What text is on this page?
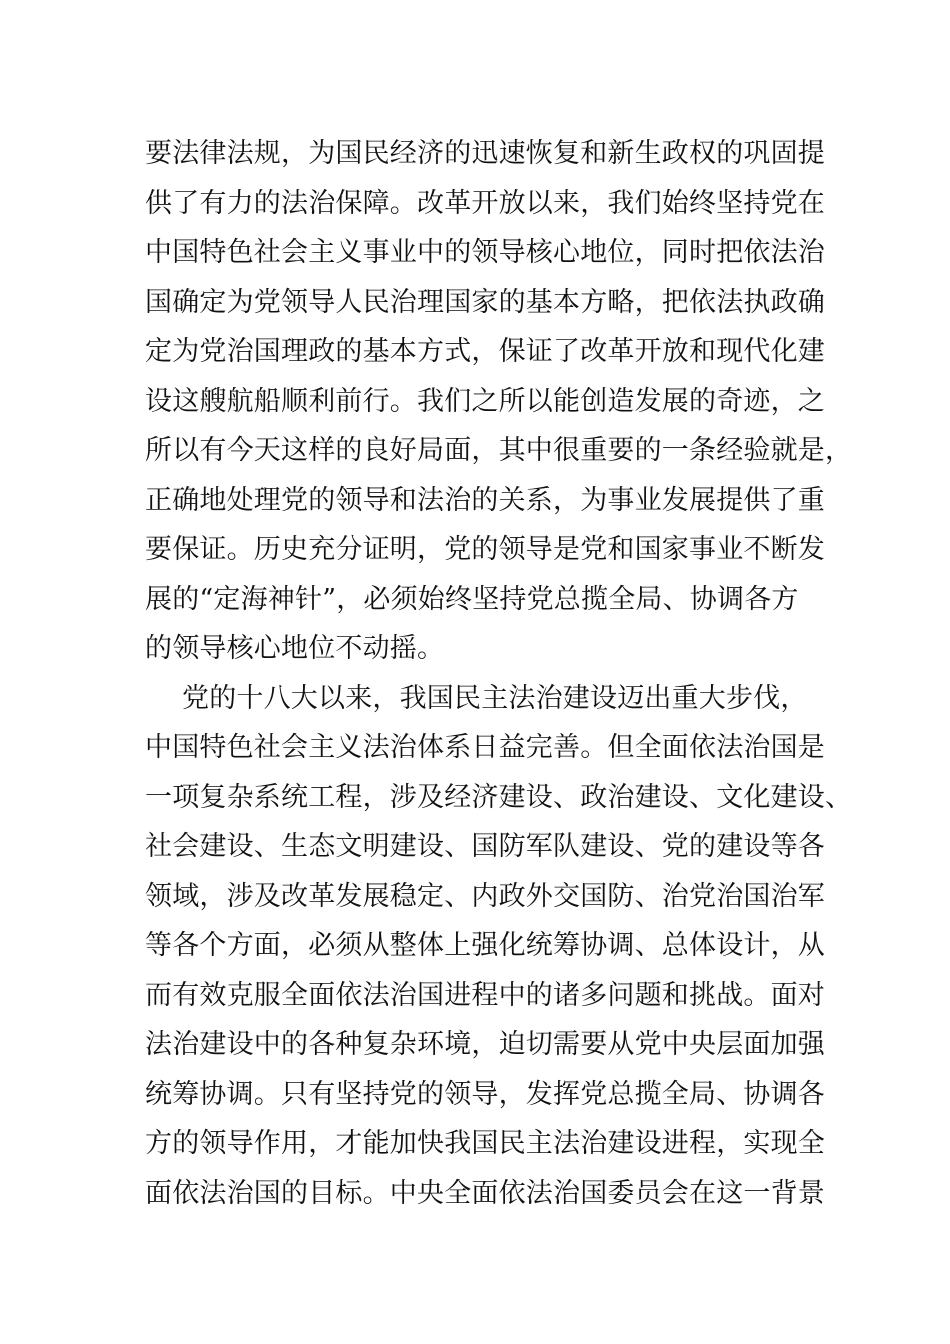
要法律法规，为国民经济的迅速恢复和新生政权的巩固提
供了有力的法治保障。改革开放以来，我们始终坚持党在
中国特色社会主义事业中的领导核心地位，同时把依法治
国确定为党领导人民治理国家的基本方略，把依法执政确
定为党治国理政的基本方式，保证了改革开放和现代化建
设这艘航船顺利前行。我们之所以能创造发展的奇迹，之
所以有今天这样的良好局面，其中很重要的一条经验就是，
正确地处理党的领导和法治的关系，为事业发展提供了重
要保证。历史充分证明，党的领导是党和国家事业不断发
展的“定海神针”，必须始终坚持党总揽全局、协调各方
的领导核心地位不动摇。
党的十八大以来，我国民主法治建设迈出重大步伐，
中国特色社会主义法治体系日益完善。但全面依法治国是
一项复杂系统工程，涉及经济建设、政治建设、文化建设、
社会建设、生态文明建设、国防军队建设、党的建设等各
领域，涉及改革发展稳定、内政外交国防、治党治国治军
等各个方面，必须从整体上强化统筹协调、总体设计，从
而有效克服全面依法治国进程中的诸多问题和挑战。面对
法治建设中的各种复杂环境，迫切需要从党中央层面加强
统筹协调。只有坚持党的领导，发挥党总揽全局、协调各
方的领导作用，才能加快我国民主法治建设进程，实现全
面依法治国的目标。中央全面依法治国委员会在这一背景
